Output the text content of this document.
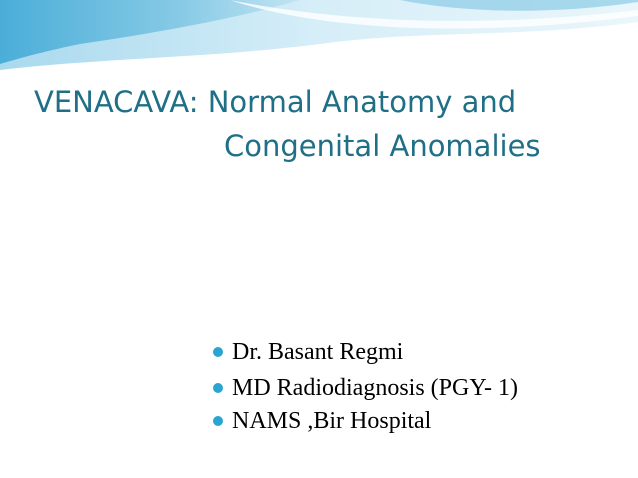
VENACAVA: Normal Anatomy and
Congenital Anomalies
Dr. Basant Regmi
MD Radiodiagnosis (PGY- 1)
NAMS ,Bir Hospital
